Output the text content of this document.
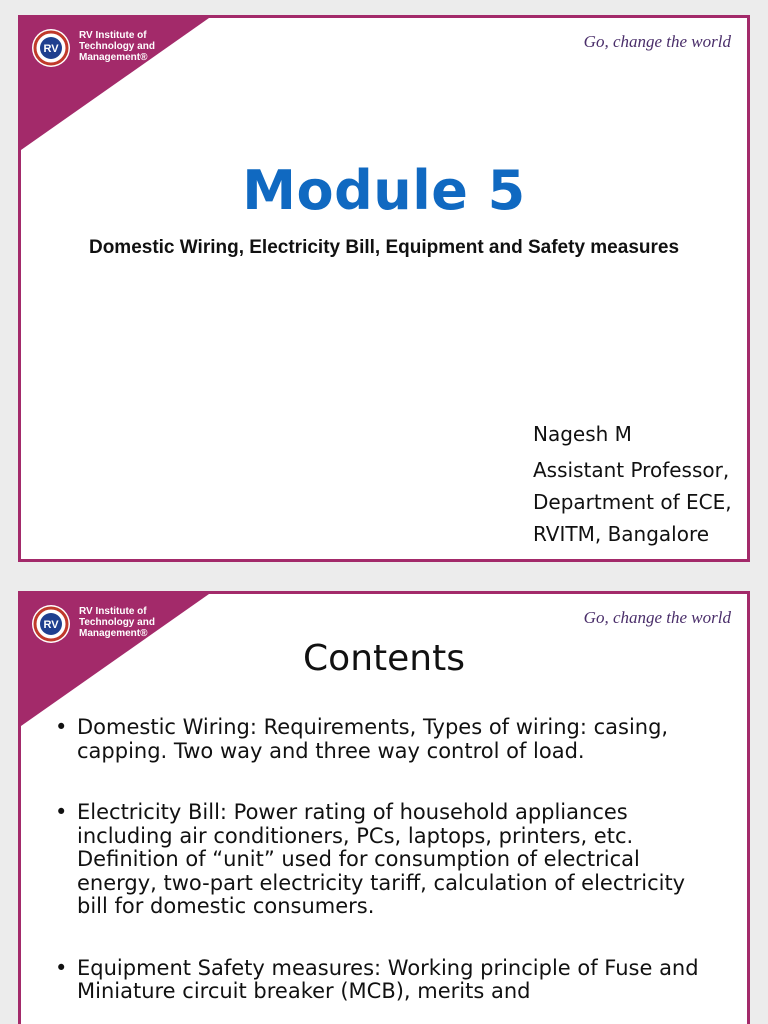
RV
RV Institute of
Technology and
Management®
Go, change the world
Module 5
Domestic Wiring, Electricity Bill, Equipment and Safety measures
Nagesh M
Assistant Professor,
Department of ECE,
RVITM, Bangalore
RV
RV Institute of
Technology and
Management®
Go, change the world
Contents
• Domestic Wiring: Requirements, Types of wiring: casing, capping. Two way and three way control of load.
• Electricity Bill: Power rating of household appliances including air conditioners, PCs, laptops, printers, etc. Definition of “unit” used for consumption of electrical energy, two-part electricity tariff, calculation of electricity bill for domestic consumers.
• Equipment Safety measures: Working principle of Fuse and Miniature circuit breaker (MCB), merits and
